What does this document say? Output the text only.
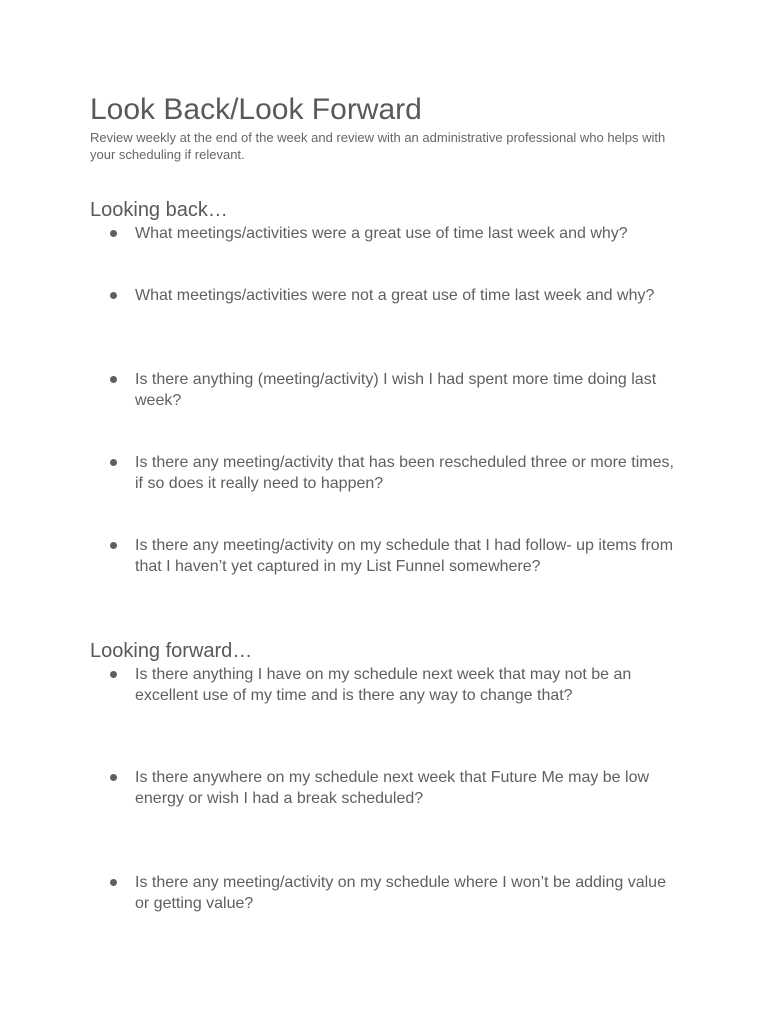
Look Back/Look Forward

Review weekly at the end of the week and review with an administrative professional who helps with your scheduling if relevant.

Looking back…
What meetings/activities were a great use of time last week and why?
What meetings/activities were not a great use of time last week and why?
Is there anything (meeting/activity) I wish I had spent more time doing last week?
Is there any meeting/activity that has been rescheduled three or more times, if so does it really need to happen?
Is there any meeting/activity on my schedule that I had follow- up items from that I haven’t yet captured in my List Funnel somewhere?
Looking forward…
Is there anything I have on my schedule next week that may not be an excellent use of my time and is there any way to change that?
Is there anywhere on my schedule next week that Future Me may be low energy or wish I had a break scheduled?
Is there any meeting/activity on my schedule where I won’t be adding value or getting value?
